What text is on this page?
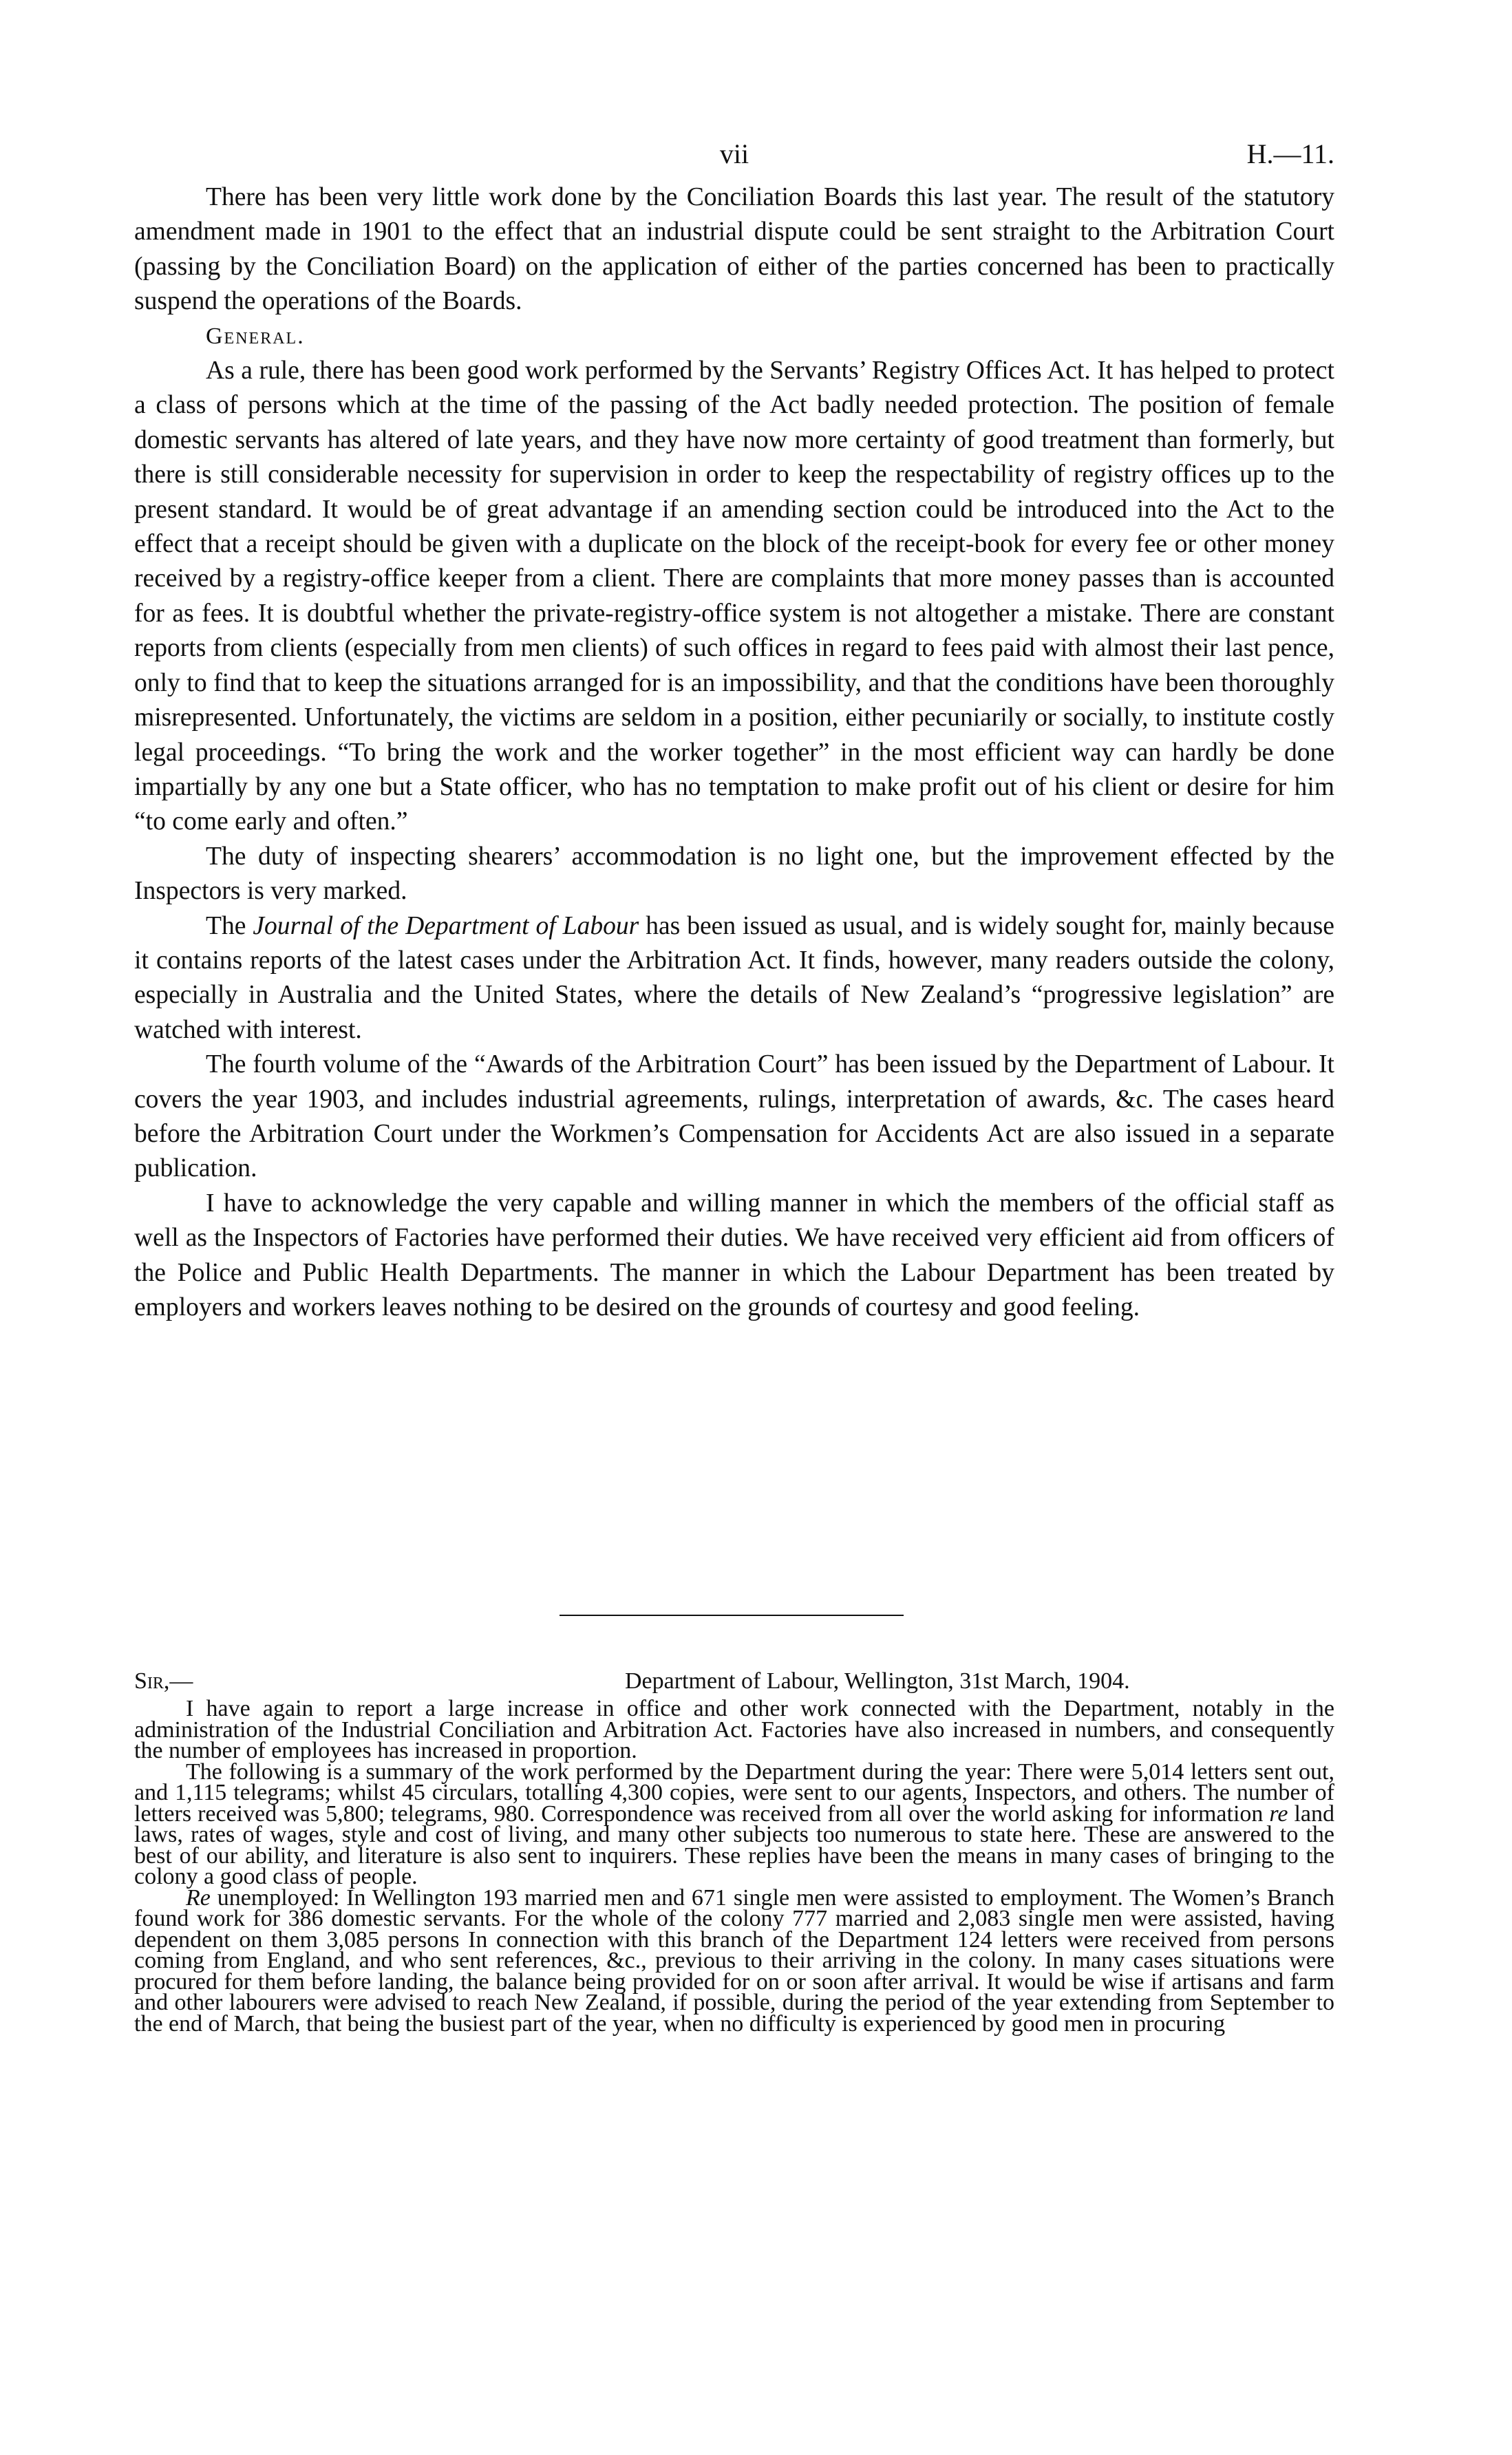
vii	H.—11.

There has been very little work done by the Conciliation Boards this last year. The result of the statutory amendment made in 1901 to the effect that an industrial dispute could be sent straight to the Arbitration Court (passing by the Conciliation Board) on the application of either of the parties concerned has been to practically suspend the operations of the Boards.

General.

As a rule, there has been good work performed by the Servants’ Registry Offices Act. It has helped to protect a class of persons which at the time of the passing of the Act badly needed protection. The position of female domestic servants has altered of late years, and they have now more certainty of good treatment than formerly, but there is still considerable necessity for supervision in order to keep the respectability of registry offices up to the present standard. It would be of great advantage if an amending section could be introduced into the Act to the effect that a receipt should be given with a duplicate on the block of the receipt-book for every fee or other money received by a registry-office keeper from a client. There are complaints that more money passes than is accounted for as fees. It is doubtful whether the private-registry-office system is not altogether a mistake. There are constant reports from clients (especially from men clients) of such offices in regard to fees paid with almost their last pence, only to find that to keep the situations arranged for is an impossibility, and that the conditions have been thoroughly misrepresented. Unfortunately, the victims are seldom in a position, either pecuniarily or socially, to institute costly legal proceedings. “To bring the work and the worker together” in the most efficient way can hardly be done impartially by any one but a State officer, who has no temptation to make profit out of his client or desire for him “to come early and often.”

The duty of inspecting shearers’ accommodation is no light one, but the improvement effected by the Inspectors is very marked.

The Journal of the Department of Labour has been issued as usual, and is widely sought for, mainly because it contains reports of the latest cases under the Arbitration Act. It finds, however, many readers outside the colony, especially in Australia and the United States, where the details of New Zealand’s “progressive legislation” are watched with interest.

The fourth volume of the “Awards of the Arbitration Court” has been issued by the Department of Labour. It covers the year 1903, and includes industrial agreements, rulings, interpretation of awards, &c. The cases heard before the Arbitration Court under the Workmen’s Compensation for Accidents Act are also issued in a separate publication.

I have to acknowledge the very capable and willing manner in which the members of the official staff as well as the Inspectors of Factories have performed their duties. We have received very efficient aid from officers of the Police and Public Health Departments. The manner in which the Labour Department has been treated by employers and workers leaves nothing to be desired on the grounds of courtesy and good feeling.

Sir,—	Department of Labour, Wellington, 31st March, 1904.

I have again to report a large increase in office and other work connected with the Department, notably in the administration of the Industrial Conciliation and Arbitration Act. Factories have also increased in numbers, and consequently the number of employees has increased in proportion.

The following is a summary of the work performed by the Department during the year: There were 5,014 letters sent out, and 1,115 telegrams; whilst 45 circulars, totalling 4,300 copies, were sent to our agents, Inspectors, and others. The number of letters received was 5,800; telegrams, 980. Correspondence was received from all over the world asking for information re land laws, rates of wages, style and cost of living, and many other subjects too numerous to state here. These are answered to the best of our ability, and literature is also sent to inquirers. These replies have been the means in many cases of bringing to the colony a good class of people.

Re unemployed: In Wellington 193 married men and 671 single men were assisted to employment. The Women’s Branch found work for 386 domestic servants. For the whole of the colony 777 married and 2,083 single men were assisted, having dependent on them 3,085 persons In connection with this branch of the Department 124 letters were received from persons coming from England, and who sent references, &c., previous to their arriving in the colony. In many cases situations were procured for them before landing, the balance being provided for on or soon after arrival. It would be wise if artisans and farm and other labourers were advised to reach New Zealand, if possible, during the period of the year extending from September to the end of March, that being the busiest part of the year, when no difficulty is experienced by good men in procuring
